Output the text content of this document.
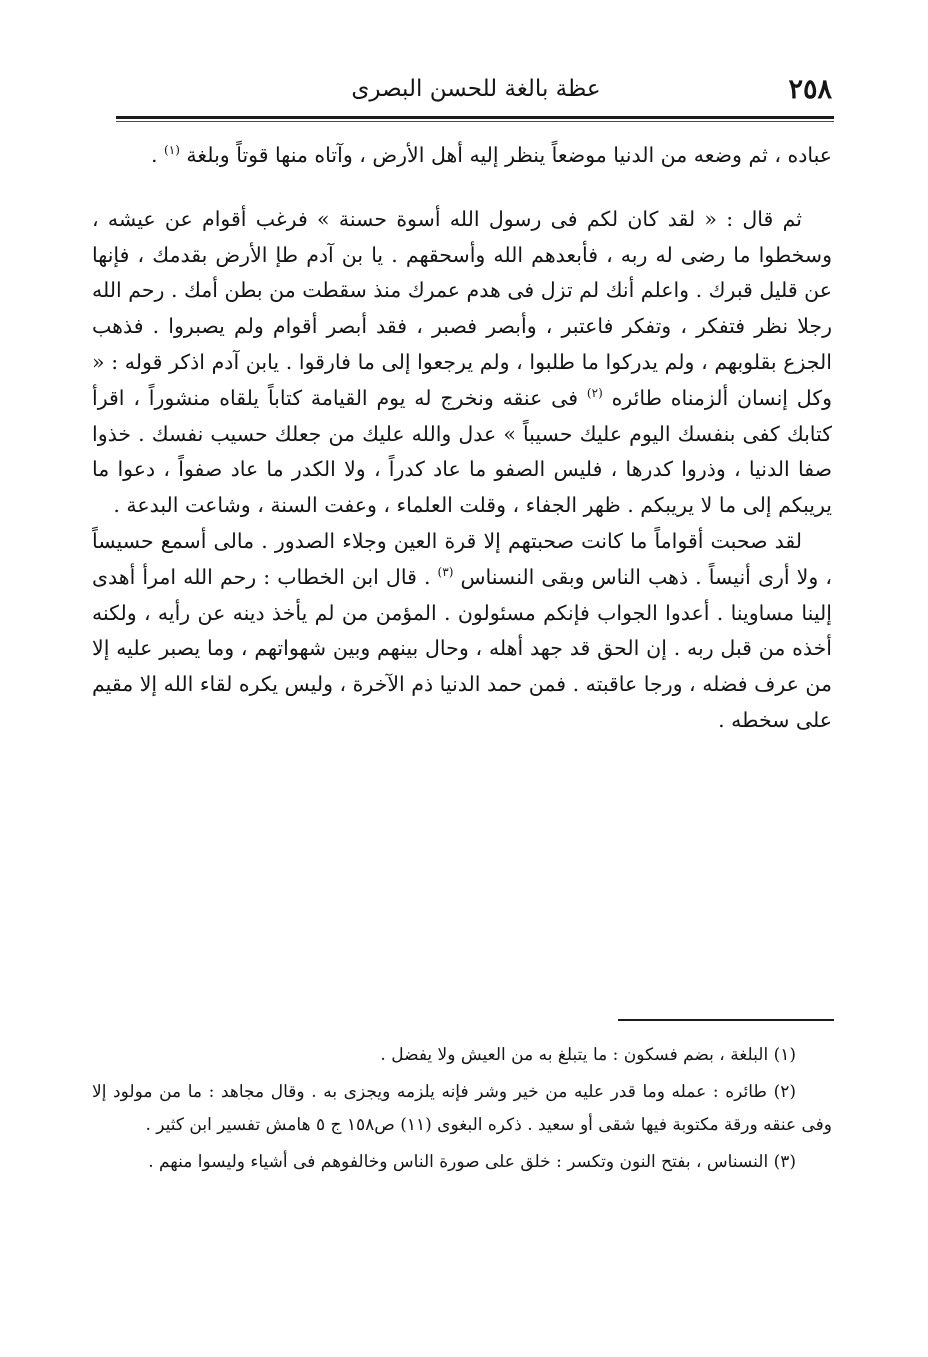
٢٥٨
عظة بالغة للحسن البصرى

عباده ، ثم وضعه من الدنيا موضعاً ينظر إليه أهل الأرض ، وآتاه منها قوتاً وبلغة $^{(١)}$ .

ثم قال : « لقد كان لكم فى رسول الله أسوة حسنة » فرغب أقوام عن عيشه ، وسخطوا ما رضى له ربه ، فأبعدهم الله وأسحقهم . يا بن آدم طإ الأرض بقدمك ، فإنها عن قليل قبرك . واعلم أنك لم تزل فى هدم عمرك منذ سقطت من بطن أمك . رحم الله رجلا نظر فتفكر ، وتفكر فاعتبر ، وأبصر فصبر ، فقد أبصر أقوام ولم يصبروا . فذهب الجزع بقلوبهم ، ولم يدركوا ما طلبوا ، ولم يرجعوا إلى ما فارقوا . يابن آدم اذكر قوله : « وكل إنسان ألزمناه طائره $^{(٢)}$ فى عنقه ونخرج له يوم القيامة كتاباً يلقاه منشوراً ، اقرأ كتابك كفى بنفسك اليوم عليك حسيباً » عدل والله عليك من جعلك حسيب نفسك . خذوا صفا الدنيا ، وذروا كدرها ، فليس الصفو ما عاد كدراً ، ولا الكدر ما عاد صفواً ، دعوا ما يريبكم إلى ما لا يريبكم . ظهر الجفاء ، وقلت العلماء ، وعفت السنة ، وشاعت البدعة .

لقد صحبت أقواماً ما كانت صحبتهم إلا قرة العين وجلاء الصدور . مالى أسمع حسيساً ، ولا أرى أنيساً . ذهب الناس وبقى النسناس $^{(٣)}$ . قال ابن الخطاب : رحم الله امرأ أهدى إلينا مساوينا . أعدوا الجواب فإنكم مسئولون . المؤمن من لم يأخذ دينه عن رأيه ، ولكنه أخذه من قبل ربه . إن الحق قد جهد أهله ، وحال بينهم وبين شهواتهم ، وما يصبر عليه إلا من عرف فضله ، ورجا عاقبته . فمن حمد الدنيا ذم الآخرة ، وليس يكره لقاء الله إلا مقيم على سخطه .

(١) البلغة ، بضم فسكون : ما يتبلغ به من العيش ولا يفضل .

(٢) طائره : عمله وما قدر عليه من خير وشر فإنه يلزمه ويجزى به . وقال مجاهد : ما من مولود إلا وفى عنقه ورقة مكتوبة فيها شقى أو سعيد . ذكره البغوى (١١) ص١٥٨ ج ٥ هامش تفسير ابن كثير .

(٣) النسناس ، بفتح النون وتكسر : خلق على صورة الناس وخالفوهم فى أشياء وليسوا منهم .
